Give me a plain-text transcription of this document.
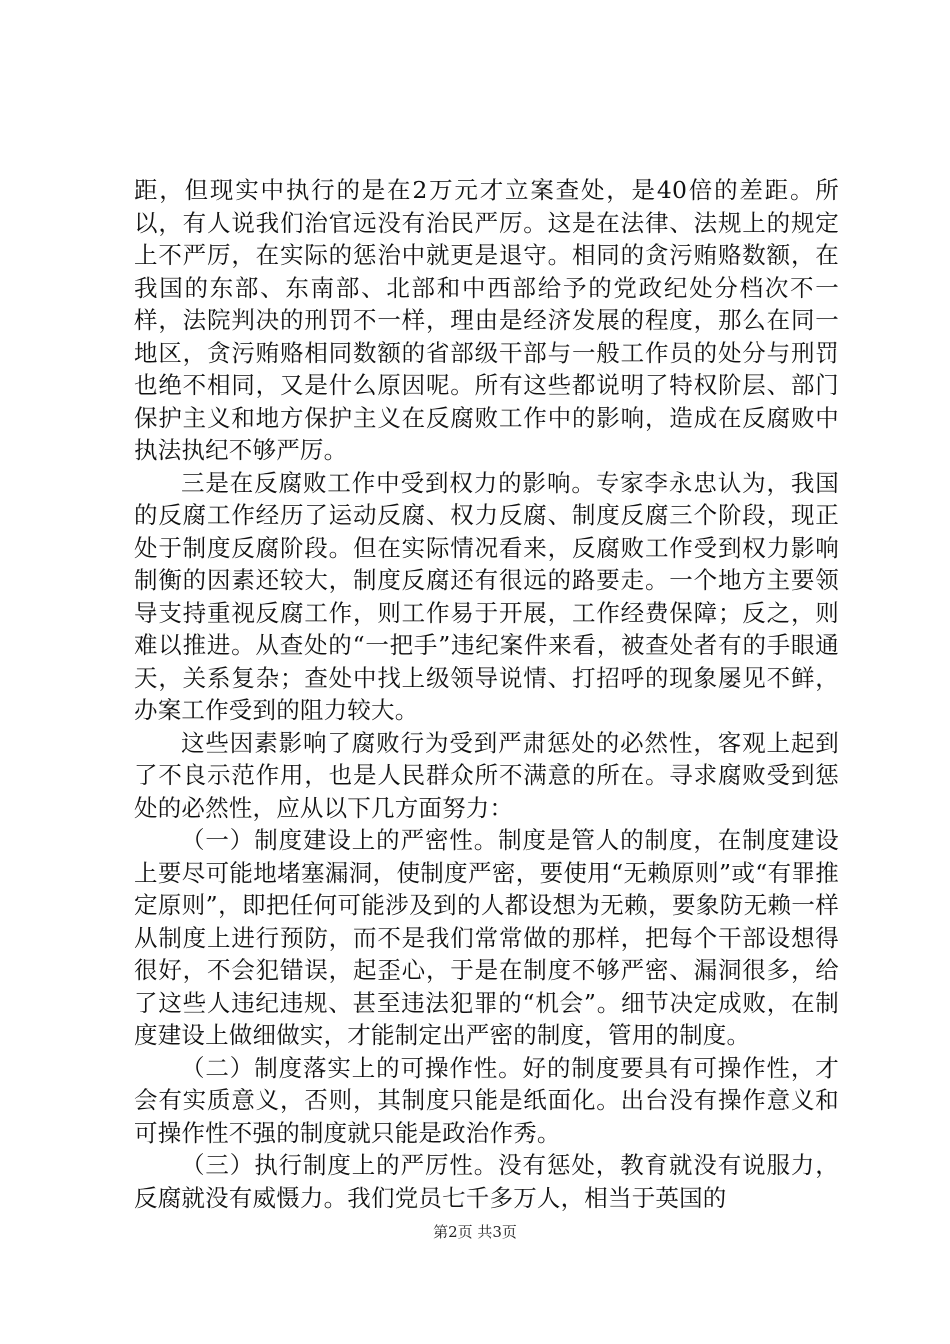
距，但现实中执行的是在2万元才立案查处，是40倍的差距。所以，有人说我们治官远没有治民严厉。这是在法律、法规上的规定上不严厉，在实际的惩治中就更是退守。相同的贪污贿赂数额，在我国的东部、东南部、北部和中西部给予的党政纪处分档次不一样，法院判决的刑罚不一样，理由是经济发展的程度，那么在同一地区，贪污贿赂相同数额的省部级干部与一般工作员的处分与刑罚也绝不相同，又是什么原因呢。所有这些都说明了特权阶层、部门保护主义和地方保护主义在反腐败工作中的影响，造成在反腐败中执法执纪不够严厉。

三是在反腐败工作中受到权力的影响。专家李永忠认为，我国的反腐工作经历了运动反腐、权力反腐、制度反腐三个阶段，现正处于制度反腐阶段。但在实际情况看来，反腐败工作受到权力影响制衡的因素还较大，制度反腐还有很远的路要走。一个地方主要领导支持重视反腐工作，则工作易于开展，工作经费保障；反之，则难以推进。从查处的“一把手”违纪案件来看，被查处者有的手眼通天，关系复杂；查处中找上级领导说情、打招呼的现象屡见不鲜，办案工作受到的阻力较大。

这些因素影响了腐败行为受到严肃惩处的必然性，客观上起到了不良示范作用，也是人民群众所不满意的所在。寻求腐败受到惩处的必然性，应从以下几方面努力：

（一）制度建设上的严密性。制度是管人的制度，在制度建设上要尽可能地堵塞漏洞，使制度严密，要使用“无赖原则”或“有罪推定原则”，即把任何可能涉及到的人都设想为无赖，要象防无赖一样从制度上进行预防，而不是我们常常做的那样，把每个干部设想得很好，不会犯错误，起歪心，于是在制度不够严密、漏洞很多，给了这些人违纪违规、甚至违法犯罪的“机会”。细节决定成败，在制度建设上做细做实，才能制定出严密的制度，管用的制度。

（二）制度落实上的可操作性。好的制度要具有可操作性，才会有实质意义，否则，其制度只能是纸面化。出台没有操作意义和可操作性不强的制度就只能是政治作秀。

（三）执行制度上的严厉性。没有惩处，教育就没有说服力，反腐就没有威慑力。我们党员七千多万人，相当于英国的

第2页 共3页
